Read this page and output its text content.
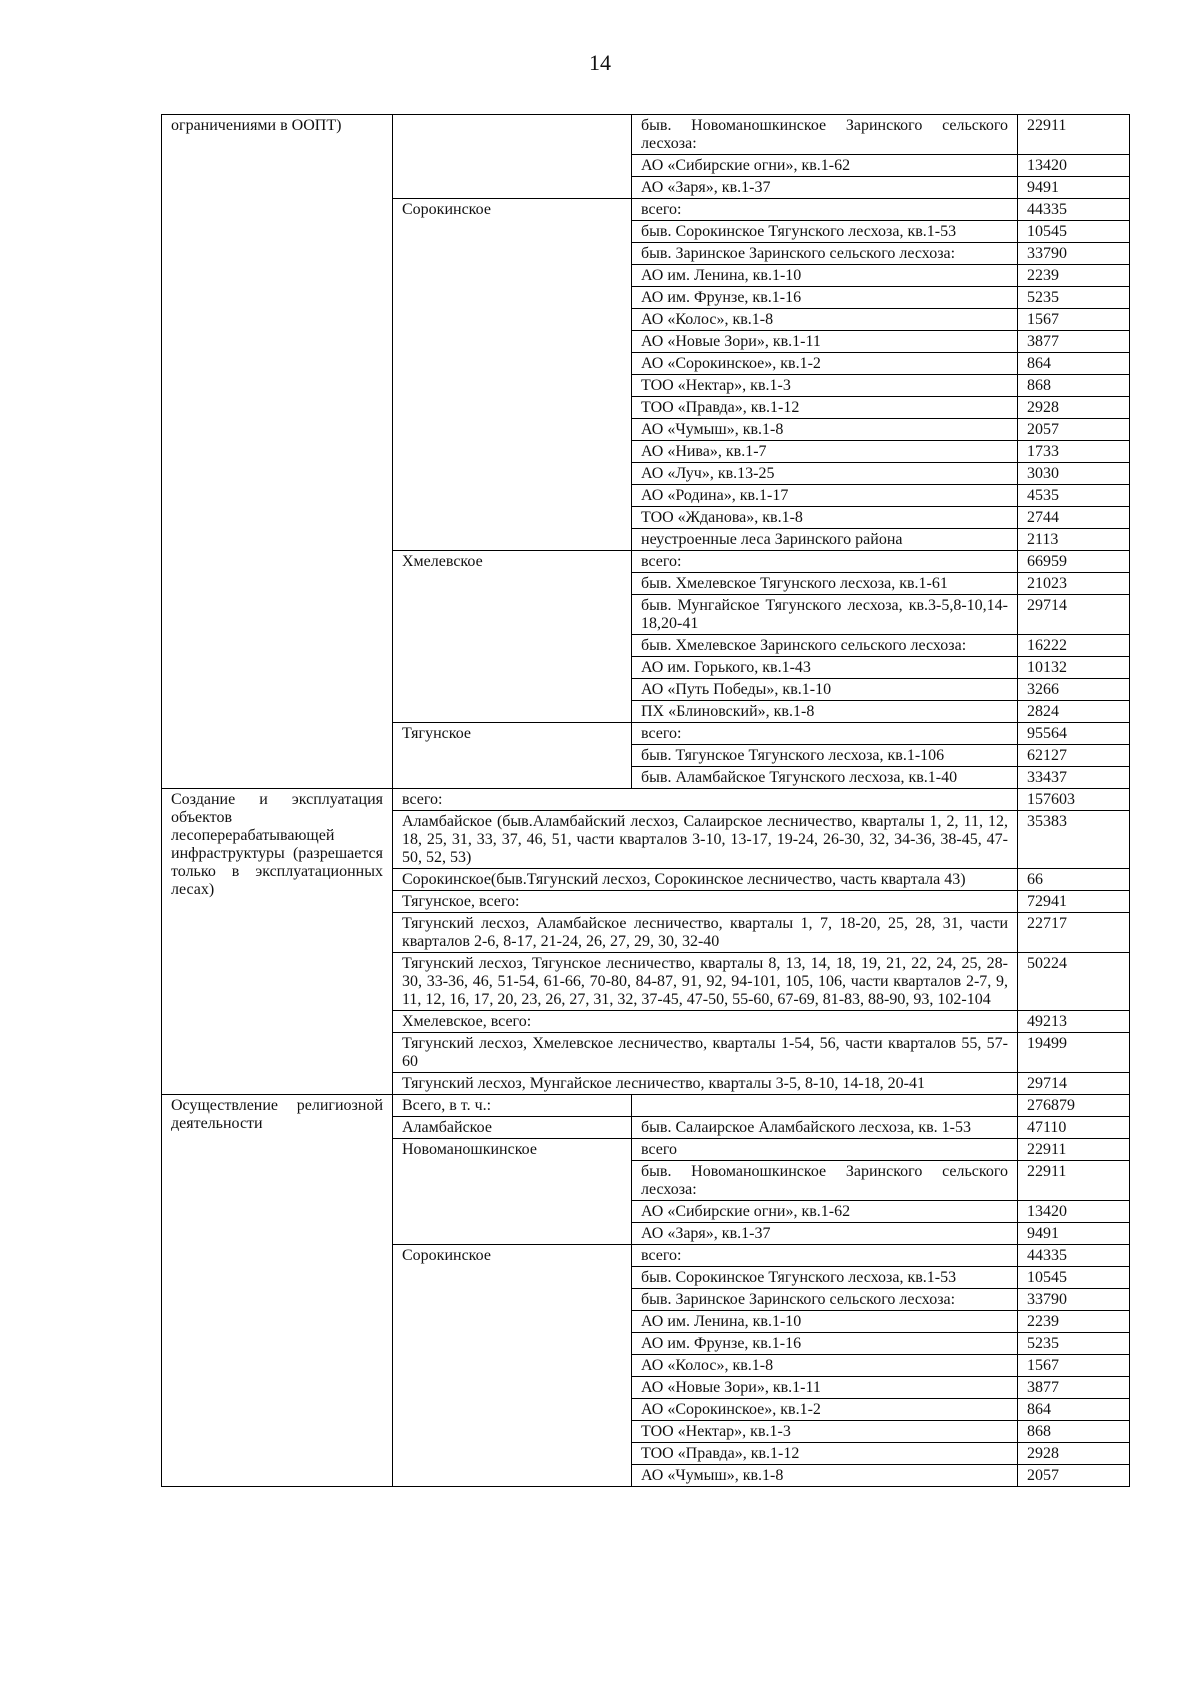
14
ограничениями в ООПТ)		быв. Новоманошкинское Заринского сельского лесхоза:	22911
		АО «Сибирские огни», кв.1-62	13420
		АО «Заря», кв.1-37	9491
	Сорокинское	всего:	44335
		быв. Сорокинское Тягунского лесхоза, кв.1-53	10545
		быв. Заринское Заринского сельского лесхоза:	33790
		АО им. Ленина, кв.1-10	2239
		АО им. Фрунзе, кв.1-16	5235
		АО «Колос», кв.1-8	1567
		АО «Новые Зори», кв.1-11	3877
		АО «Сорокинское», кв.1-2	864
		ТОО «Нектар», кв.1-3	868
		ТОО «Правда», кв.1-12	2928
		АО «Чумыш», кв.1-8	2057
		АО «Нива», кв.1-7	1733
		АО «Луч», кв.13-25	3030
		АО «Родина», кв.1-17	4535
		ТОО «Жданова», кв.1-8	2744
		неустроенные леса Заринского района	2113
	Хмелевское	всего:	66959
		быв. Хмелевское Тягунского лесхоза, кв.1-61	21023
		быв. Мунгайское Тягунского лесхоза, кв.3-5,8-10,14-18,20-41	29714
		быв. Хмелевское Заринского сельского лесхоза:	16222
		АО им. Горького, кв.1-43	10132
		АО «Путь Победы», кв.1-10	3266
		ПХ «Блиновский», кв.1-8	2824
	Тягунское	всего:	95564
		быв. Тягунское Тягунского лесхоза, кв.1-106	62127
		быв. Аламбайское Тягунского лесхоза, кв.1-40	33437
Создание и эксплуатация объектов лесоперерабатывающей инфраструктуры (разрешается только в эксплуатационных лесах)	всего:		157603
	Аламбайское (быв.Аламбайский лесхоз, Салаирское лесничество, кварталы 1, 2, 11, 12, 18, 25, 31, 33, 37, 46, 51, части кварталов 3-10, 13-17, 19-24, 26-30, 32, 34-36, 38-45, 47-50, 52, 53)		35383
	Сорокинское(быв.Тягунский лесхоз, Сорокинское лесничество, часть квартала 43)		66
	Тягунское, всего:		72941
	Тягунский лесхоз, Аламбайское лесничество, кварталы 1, 7, 18-20, 25, 28, 31, части кварталов 2-6, 8-17, 21-24, 26, 27, 29, 30, 32-40		22717
	Тягунский лесхоз, Тягунское лесничество, кварталы 8, 13, 14, 18, 19, 21, 22, 24, 25, 28-30, 33-36, 46, 51-54, 61-66, 70-80, 84-87, 91, 92, 94-101, 105, 106, части кварталов 2-7, 9, 11, 12, 16, 17, 20, 23, 26, 27, 31, 32, 37-45, 47-50, 55-60, 67-69, 81-83, 88-90, 93, 102-104		50224
	Хмелевское, всего:		49213
	Тягунский лесхоз, Хмелевское лесничество, кварталы 1-54, 56, части кварталов 55, 57-60		19499
	Тягунский лесхоз, Мунгайское лесничество, кварталы 3-5, 8-10, 14-18, 20-41		29714
Осуществление религиозной деятельности	Всего, в т. ч.:		276879
	Аламбайское	быв. Салаирское Аламбайского лесхоза, кв. 1-53	47110
	Новоманошкинское	всего	22911
		быв. Новоманошкинское Заринского сельского лесхоза:	22911
		АО «Сибирские огни», кв.1-62	13420
		АО «Заря», кв.1-37	9491
	Сорокинское	всего:	44335
		быв. Сорокинское Тягунского лесхоза, кв.1-53	10545
		быв. Заринское Заринского сельского лесхоза:	33790
		АО им. Ленина, кв.1-10	2239
		АО им. Фрунзе, кв.1-16	5235
		АО «Колос», кв.1-8	1567
		АО «Новые Зори», кв.1-11	3877
		АО «Сорокинское», кв.1-2	864
		ТОО «Нектар», кв.1-3	868
		ТОО «Правда», кв.1-12	2928
		АО «Чумыш», кв.1-8	2057
